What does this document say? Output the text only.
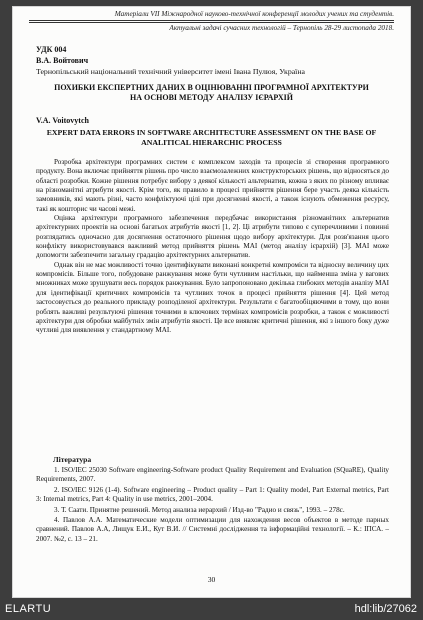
Матеріали VII Міжнародної науково-технічної конференції молодих учених та студентів.
Актуальні задачі сучасних технологій – Тернопіль 28-29 листопада 2018.
УДК 004
В.А. Войтович
Тернопільський національний технічний університет імені Івана Пулюя, Україна
ПОХИБКИ ЕКСПЕРТНИХ ДАНИХ В ОЦІНЮВАННІ ПРОГРАМНОЇ АРХІТЕКТУРИ НА ОСНОВІ МЕТОДУ АНАЛІЗУ ІЄРАРХІЙ
V.A. Voitovytch
EXPERT DATA ERRORS IN SOFTWARE ARCHITECTURE ASSESSMENT ON THE BASE OF ANALITICAL HIERARCHIC PROCESS

Розробка архітектури програмних систем є комплексом заходів та процесів зі створення програмного продукту. Вона включає прийняття рішень про число взаємозалежних конструкторських рішень, що відносяться до області розробки. Кожне рішення потребує вибору з деякої кількості альтернатив, кожна з яких по різному впливає на різноманітні атрибути якості. Крім того, як правило в процесі прийняття рішення бере участь деяка кількість замовників, які мають різні, часто конфліктуючі цілі при досягненні якості, а також існують обмеження ресурсу, такі як кошторис чи часові межі.

Оцінка архітектури програмного забезпечення передбачає використання різноманітних альтернатив архітектурних проектів на основі багатьох атрибутів якості [1, 2]. Ці атрибути типово є суперечливими і повинні розглядатись одночасно для досягнення остаточного рішення щодо вибору архітектури. Для розв'язання цього конфлікту використовувався важливий метод прийняття рішень МАІ (метод аналізу ієрархій) [3]. МАІ може допомогти забезпечити загальну градацію архітектурних альтернатив.

Однак він не має можливості точно ідентифікувати виконані конкретні компроміси та відносну величину цих компромісів. Більше того, побудоване ранжування може бути чутливим настільки, що найменша зміна у вагових множниках може зрушувати весь порядок ранжування. Було запропоновано декілька глибоких методів аналізу МАІ для ідентифікації критичних компромісів та чутливих точок в процесі прийняття рішення [4]. Цей метод застосовується до реального прикладу розподіленої архітектури. Результати є багатообіцяючими в тому, що вони роблять важливі результуючі рішення точними в ключових термінах компромісів розробки, а також є можливості архітектури для обробки майбутніх змін атрибутів якості. Це все виявляє критичні рішення, які з іншого боку дуже чутливі для виявлення у стандартному МАІ.

Література

1. ISO/IEC 25030 Software engineering-Software product Quality Requirement and Evaluation (SQuaRE), Quality Requirements, 2007.

2. ISO/IEC 9126 (1-4). Software engineering – Product quality – Part 1: Quality model, Part External metrics, Part 3: Internal metrics, Part 4: Quality in use metrics, 2001–2004.

3. Т. Саати. Принятие решений. Метод анализа иерархий / Изд-во "Радио и связь", 1993. – 278с.

4. Павлов А.А. Математические модели оптимизации для нахождения весов объектов в методе парных сравнений. Павлов А.А, Лищук Е.И., Кут В.И. // Системні дослідження та інформаційні технології. – К.: ІПСА. – 2007. №2, с. 13 – 21.

30
ELARTU	hdl:lib/27062
